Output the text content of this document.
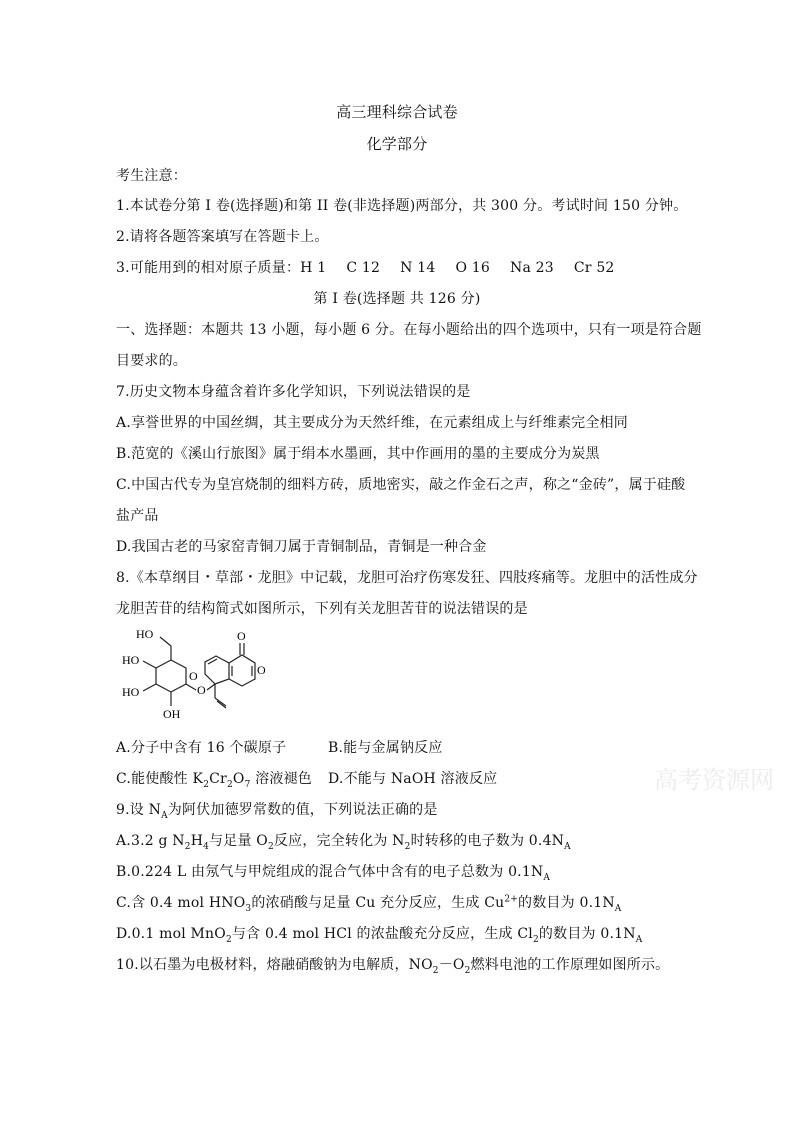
高三理科综合试卷
化学部分
考生注意：
1.本试卷分第 I 卷(选择题)和第 II 卷(非选择题)两部分，共 300 分。考试时间 150 分钟。
2.请将各题答案填写在答题卡上。
3.可能用到的相对原子质量：H 1 C 12 N 14 O 16 Na 23 Cr 52
第 I 卷(选择题 共 126 分)
一、选择题：本题共 13 小题，每小题 6 分。在每小题给出的四个选项中，只有一项是符合题
目要求的。
7.历史文物本身蕴含着许多化学知识，下列说法错误的是
A.享誉世界的中国丝绸，其主要成分为天然纤维，在元素组成上与纤维素完全相同
B.范宽的《溪山行旅图》属于绢本水墨画，其中作画用的墨的主要成分为炭黑
C.中国古代专为皇宫烧制的细料方砖，质地密实，敲之作金石之声，称之“金砖”，属于硅酸
盐产品
D.我国古老的马家窑青铜刀属于青铜制品，青铜是一种合金
8.《本草纲目・草部・龙胆》中记载，龙胆可治疗伤寒发狂、四肢疼痛等。龙胆中的活性成分
龙胆苦苷的结构简式如图所示，下列有关龙胆苦苷的说法错误的是
HO
HO
HO
OH
O
O
O
O
A.分子中含有 16 个碳原子	B.能与金属钠反应
C.能使酸性 $K_2Cr_2O_7$ 溶液褪色 D.不能与 NaOH 溶液反应
9.设 $N_A$为阿伏加德罗常数的值，下列说法正确的是
A.3.2 g $N_2H_4$与足量 $O_2$反应，完全转化为 $N_2$时转移的电子数为 $0.4N_A$
B.0.224 L 由氖气与甲烷组成的混合气体中含有的电子总数为 $0.1N_A$
C.含 0.4 mol $HNO_3$的浓硝酸与足量 Cu 充分反应，生成 $Cu^{2+}$的数目为 $0.1N_A$
D.0.1 mol MnO$_2$与含 0.4 mol HCl 的浓盐酸充分反应，生成 $Cl_2$的数目为 $0.1N_A$
10.以石墨为电极材料，熔融硝酸钠为电解质，$NO_2-O_2$燃料电池的工作原理如图所示。
高考资源网
